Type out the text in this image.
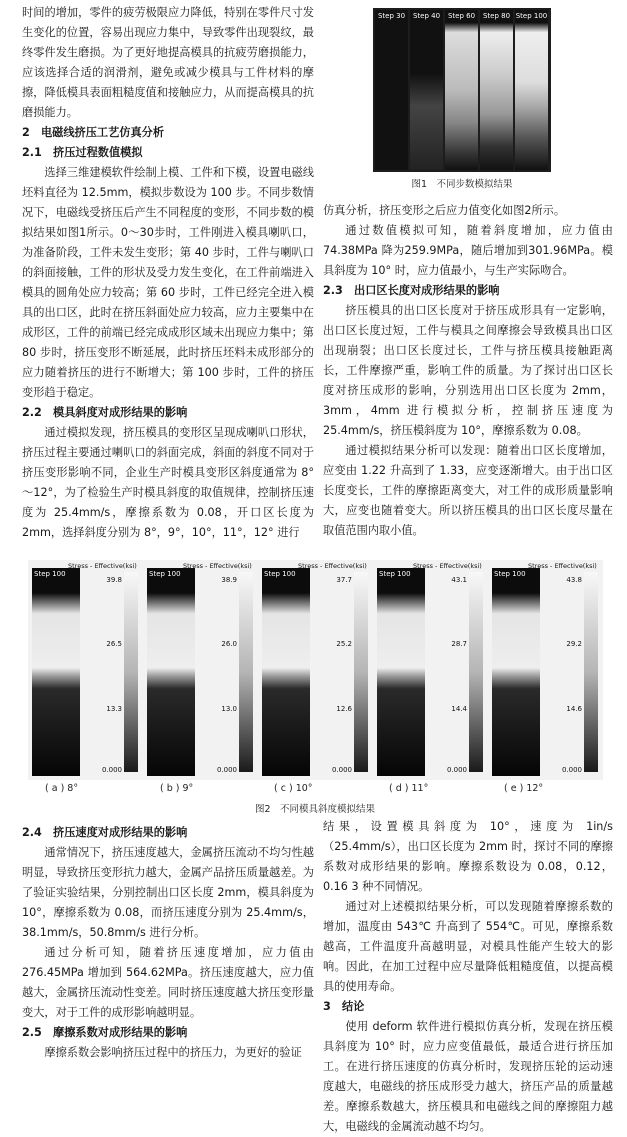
时间的增加，零件的疲劳极限应力降低，特别在零件尺寸发生变化的位置，容易出现应力集中，导致零件出现裂纹，最终零件发生磨损。为了更好地提高模具的抗疲劳磨损能力，应该选择合适的润滑剂，避免或减少模具与工件材料的摩擦，降低模具表面粗糙度值和接触应力，从而提高模具的抗磨损能力。

2　电磁线挤压工艺仿真分析
2.1　挤压过程数值模拟

选择三维建模软件绘制上模、工件和下模，设置电磁线坯料直径为 12.5mm，模拟步数设为 100 步。不同步数情况下，电磁线受挤压后产生不同程度的变形，不同步数的模拟结果如图1所示。0～30步时，工件刚进入模具喇叭口，为准备阶段，工件未发生变形；第 40 步时，工件与喇叭口的斜面接触，工件的形状及受力发生变化，在工件前端进入模具的圆角处应力较高；第 60 步时，工件已经完全进入模具的出口区，此时在挤压斜面处应力较高，应力主要集中在成形区，工件的前端已经完成成形区域未出现应力集中；第 80 步时，挤压变形不断延展，此时挤压坯料未成形部分的应力随着挤压的进行不断增大；第 100 步时，工件的挤压变形趋于稳定。

2.2　模具斜度对成形结果的影响

通过模拟发现，挤压模具的变形区呈现成喇叭口形状，挤压过程主要通过喇叭口的斜面完成，斜面的斜度不同对于挤压变形影响不同，企业生产时模具变形区斜度通常为 8°～12°，为了检验生产时模具斜度的取值规律，控制挤压速度为 25.4mm/s，摩擦系数为 0.08，开口区长度为 2mm，选择斜度分别为 8°，9°，10°，11°，12° 进行

Step 30	Step 40	Step 60	Step 80 Step 100
图1　不同步数模拟结果

仿真分析，挤压变形之后应力值变化如图2所示。

通过数值模拟可知，随着斜度增加，应力值由74.38MPa 降为259.9MPa，随后增加到301.96MPa。模具斜度为 10° 时，应力值最小，与生产实际吻合。

2.3　出口区长度对成形结果的影响

挤压模具的出口区长度对于挤压成形具有一定影响，出口区长度过短，工件与模具之间摩擦会导致模具出口区出现崩裂；出口区长度过长，工件与挤压模具接触距离长，工件摩擦严重，影响工件的质量。为了探讨出口区长度对挤压成形的影响，分别选用出口区长度为 2mm，3mm，4mm 进行模拟分析，控制挤压速度为 25.4mm/s，挤压模斜度为 10°，摩擦系数为 0.08。

通过模拟结果分析可以发现：随着出口区长度增加，应变由 1.22 升高到了 1.33，应变逐渐增大。由于出口区长度变长，工件的摩擦距离变大，对工件的成形质量影响大，应变也随着变大。所以挤压模具的出口区长度尽量在取值范围内取小值。

Step 100
Stress - Effective(ksi)
39.8
26.5
13.3
0.000
Step 100
Stress - Effective(ksi)
38.9
26.0
13.0
0.000
Step 100
Stress - Effective(ksi)
37.7
25.2
12.6
0.000
Step 100
Stress - Effective(ksi)
43.1
28.7
14.4
0.000
Step 100
Stress - Effective(ksi)
43.8
29.2
14.6
0.000
( a ) 8°	( b ) 9°	( c ) 10°	( d ) 11°	( e ) 12°
图2　不同模具斜度模拟结果
2.4　挤压速度对成形结果的影响

通常情况下，挤压速度越大，金属挤压流动不均匀性越明显，导致挤压变形抗力越大，金属产品挤压质量越差。为了验证实验结果，分别控制出口区长度 2mm，模具斜度为 10°，摩擦系数为 0.08，而挤压速度分别为 25.4mm/s，38.1mm/s，50.8mm/s 进行分析。

通过分析可知，随着挤压速度增加，应力值由 276.45MPa 增加到 564.62MPa。挤压速度越大，应力值越大，金属挤压流动性变差。同时挤压速度越大挤压变形量变大，对于工件的成形影响越明显。

2.5　摩擦系数对成形结果的影响

摩擦系数会影响挤压过程中的挤压力，为更好的验证

结果，设置模具斜度为 10°，速度为 1in/s（25.4mm/s），出口区长度为 2mm 时，探讨不同的摩擦系数对成形结果的影响。摩擦系数设为 0.08，0.12，0.16 3 种不同情况。

通过对上述模拟结果分析，可以发现随着摩擦系数的增加，温度由 543℃ 升高到了 554℃。可见，摩擦系数越高，工件温度升高越明显，对模具性能产生较大的影响。因此，在加工过程中应尽量降低粗糙度值，以提高模具的使用寿命。

3　结论

使用 deform 软件进行模拟仿真分析，发现在挤压模具斜度为 10° 时，应力应变值最低，最适合进行挤压加工。在进行挤压速度的仿真分析时，发现挤压轮的运动速度越大，电磁线的挤压成形受力越大，挤压产品的质量越差。摩擦系数越大，挤压模具和电磁线之间的摩擦阻力越大，电磁线的金属流动越不均匀。
